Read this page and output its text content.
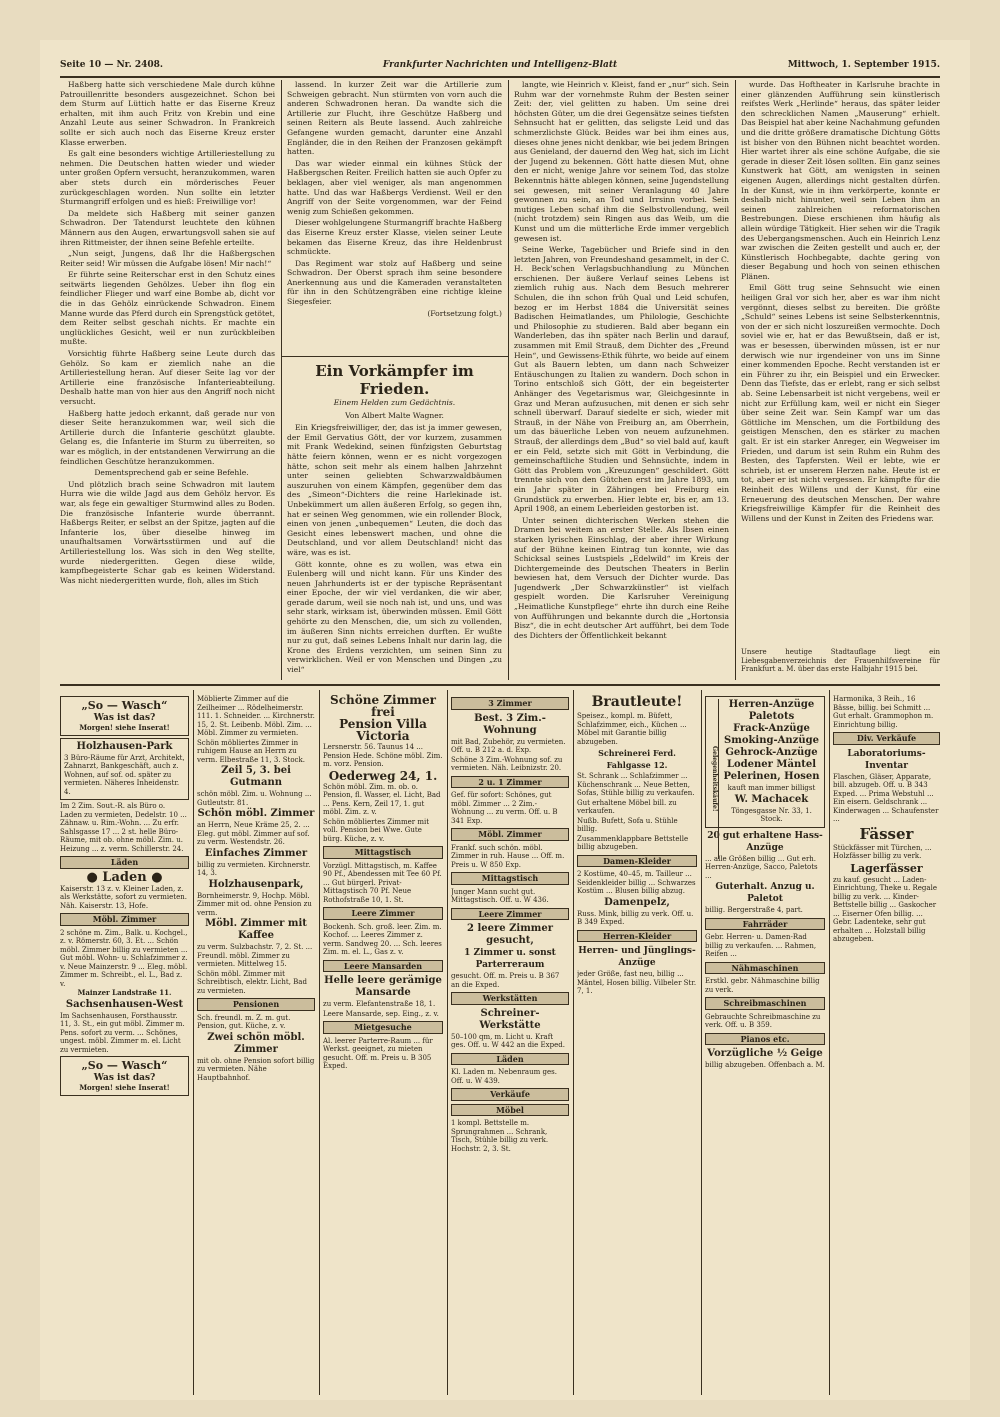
Seite 10 — Nr. 2408.	Frankfurter Nachrichten und Intelligenz-Blatt	Mittwoch, 1. September 1915.

Haßberg hatte sich verschiedene Male durch kühne Patrouillenritte besonders ausgezeichnet. Schon bei dem Sturm auf Lüttich hatte er das Eiserne Kreuz erhalten, mit ihm auch Fritz von Krebin und eine Anzahl Leute aus seiner Schwadron. In Frankreich sollte er sich auch noch das Eiserne Kreuz erster Klasse erwerben.

Es galt eine besonders wichtige Artilleriestellung zu nehmen. Die Deutschen hatten wieder und wieder unter großen Opfern versucht, heranzukommen, waren aber stets durch ein mörderisches Feuer zurückgeschlagen worden. Nun sollte ein letzter Sturmangriff erfolgen und es hieß: Freiwillige vor!

Da meldete sich Haßberg mit seiner ganzen Schwadron. Der Tatendurst leuchtete den kühnen Männern aus den Augen, erwartungsvoll sahen sie auf ihren Rittmeister, der ihnen seine Befehle erteilte.

„Nun seigt, Jungens, daß Ihr die Haßbergschen Reiter seid! Wir müssen die Aufgabe lösen! Mir nach!“

Er führte seine Reiterschar erst in den Schutz eines seitwärts liegenden Gehölzes. Ueber ihn flog ein feindlicher Flieger und warf eine Bombe ab, dicht vor die in das Gehölz einrückende Schwadron. Einem Manne wurde das Pferd durch ein Sprengstück getötet, dem Reiter selbst geschah nichts. Er machte ein unglückliches Gesicht, weil er nun zurückbleiben mußte.

Vorsichtig führte Haßberg seine Leute durch das Gehölz. So kam er ziemlich nahe an die Artilleriestellung heran. Auf dieser Seite lag vor der Artillerie eine französische Infanterieabteilung. Deshalb hatte man von hier aus den Angriff noch nicht versucht.

Haßberg hatte jedoch erkannt, daß gerade nur von dieser Seite heranzukommen war, weil sich die Artillerie durch die Infanterie geschützt glaubte. Gelang es, die Infanterie im Sturm zu überreiten, so war es möglich, in der entstandenen Verwirrung an die feindlichen Geschütze heranzukommen.

Dementsprechend gab er seine Befehle.

Und plötzlich brach seine Schwadron mit lautem Hurra wie die wilde Jagd aus dem Gehölz hervor. Es war, als fege ein gewaltiger Sturmwind alles zu Boden. Die französische Infanterie wurde überrannt. Haßbergs Reiter, er selbst an der Spitze, jagten auf die Infanterie los, über dieselbe hinweg im unaufhaltsamen Vorwärtsstürmen und auf die Artilleriestellung los. Was sich in den Weg stellte, wurde niedergeritten. Gegen diese wilde, kampfbegeisterte Schar gab es keinen Widerstand. Was nicht niedergeritten wurde, floh, alles im Stich

lassend. In kurzer Zeit war die Artillerie zum Schweigen gebracht. Nun stürmten von vorn auch die anderen Schwadronen heran. Da wandte sich die Artillerie zur Flucht, ihre Geschütze Haßberg und seinen Reitern als Beute lassend. Auch zahlreiche Gefangene wurden gemacht, darunter eine Anzahl Engländer, die in den Reihen der Franzosen gekämpft hatten.

Das war wieder einmal ein kühnes Stück der Haßbergschen Reiter. Freilich hatten sie auch Opfer zu beklagen, aber viel weniger, als man angenommen hatte. Und das war Haßbergs Verdienst. Weil er den Angriff von der Seite vorgenommen, war der Feind wenig zum Schießen gekommen.

Dieser wohlgelungene Sturmangriff brachte Haßberg das Eiserne Kreuz erster Klasse, vielen seiner Leute bekamen das Eiserne Kreuz, das ihre Heldenbrust schmückte.

Das Regiment war stolz auf Haßberg und seine Schwadron. Der Oberst sprach ihm seine besondere Anerkennung aus und die Kameraden veranstalteten für ihn in den Schützengräben eine richtige kleine Siegesfeier.

(Fortsetzung folgt.)
Ein Vorkämpfer im Frieden.
Einem Helden zum Gedächtnis.
Von Albert Malte Wagner.

Ein Kriegsfreiwilliger, der, das ist ja immer gewesen, der Emil Gervatius Gött, der vor kurzem, zusammen mit Frank Wedekind, seinen fünfzigsten Geburtstag hätte feiern können, wenn er es nicht vorgezogen hätte, schon seit mehr als einem halben Jahrzehnt unter seinen geliebten Schwarzwaldbäumen auszuruhen von einem Kämpfen, gegenüber dem das des „Simeon“-Dichters die reine Harlekinade ist. Unbekümmert um allen äußeren Erfolg, so gegen ihn, hat er seinen Weg genommen, wie ein rollender Block, einen von jenen „unbequemen“ Leuten, die doch das Gesicht eines lebenswert machen, und ohne die Deutschland, und vor allem Deutschland! nicht das wäre, was es ist.

Gött konnte, ohne es zu wollen, was etwa ein Eulenberg will und nicht kann. Für uns Kinder des neuen Jahrhunderts ist er der typische Repräsentant einer Epoche, der wir viel verdanken, die wir aber, gerade darum, weil sie noch nah ist, und uns, und was sehr stark, wirksam ist, überwinden müssen. Emil Gött gehörte zu den Menschen, die, um sich zu vollenden, im äußeren Sinn nichts erreichen durften. Er wußte nur zu gut, daß seines Lebens Inhalt nur darin lag, die Krone des Erdens verzichten, um seinen Sinn zu verwirklichen. Weil er von Menschen und Dingen „zu viel“

langte, wie Heinrich v. Kleist, fand er „nur“ sich. Sein Ruhm war der vornehmste Ruhm der Besten seiner Zeit: der, viel gelitten zu haben. Um seine drei höchsten Güter, um die drei Gegensätze seines tiefsten Sehnsucht hat er gelitten, das seligste Leid und das schmerzlichste Glück. Beides war bei ihm eines aus, dieses ohne jenes nicht denkbar, wie bei jedem Bringen aus Genieland, der dauernd den Weg hat, sich im Licht der Jugend zu bekennen. Gött hatte diesen Mut, ohne den er nicht, wenige Jahre vor seinem Tod, das stolze Bekenntnis hätte ablegen können, seine Jugendstellung sei gewesen, mit seiner Veranlagung 40 Jahre gewonnen zu sein, an Tod und Irrsinn vorbei. Sein mutiges Leben schaf ihm die Selbstvollendung, weil (nicht trotzdem) sein Ringen aus das Weib, um die Kunst und um die mütterliche Erde immer vergeblich gewesen ist.

Seine Werke, Tagebücher und Briefe sind in den letzten Jahren, von Freundeshand gesammelt, in der C. H. Beck'schen Verlagsbuchhandlung zu München erschienen. Der äußere Verlauf seines Lebens ist ziemlich ruhig aus. Nach dem Besuch mehrerer Schulen, die ihn schon früh Qual und Leid schufen, bezog er im Herbst 1884 die Universität seines Badischen Heimatlandes, um Philologie, Geschichte und Philosophie zu studieren. Bald aber begann ein Wanderleben, das ihn später nach Berlin und darauf, zusammen mit Emil Strauß, dem Dichter des „Freund Hein“, und Gewissens-Ethik führte, wo beide auf einem Gut als Bauern lebten, um dann nach Schweizer Entäuschungen zu Italien zu wandern. Doch schon in Torino entschloß sich Gött, der ein begeisterter Anhänger des Vegetarismus war, Gleichgesinnte in Graz und Meran aufzusuchen, mit denen er sich sehr schnell überwarf. Darauf siedelte er sich, wieder mit Strauß, in der Nähe von Freiburg an, am Oberrhein, um das bäuerliche Leben von neuem aufzunehmen. Strauß, der allerdings dem „Bud“ so viel bald auf, kauft er ein Feld, setzte sich mit Gött in Verbindung, die gemeinschaftliche Studien und Sehnsüchte, indem in Gött das Problem von „Kreuzungen“ geschildert. Gött trennte sich von den Gütchen erst im Jahre 1893, um ein Jahr später in Zähringen bei Freiburg ein Grundstück zu erwerben. Hier lebte er, bis er, am 13. April 1908, an einem Leberleiden gestorben ist.

Unter seinen dichterischen Werken stehen die Dramen bei weitem an erster Stelle. Als Ibsen einen starken lyrischen Einschlag, der aber ihrer Wirkung auf der Bühne keinen Eintrag tun konnte, wie das Schicksal seines Lustspiels „Edelwild“ im Kreis der Dichtergemeinde des Deutschen Theaters in Berlin bewiesen hat, dem Versuch der Dichter wurde. Das Jugendwerk „Der Schwarzkünstler“ ist vielfach gespielt worden. Die Karlsruher Vereinigung „Heimatliche Kunstpflege“ ehrte ihn durch eine Reihe von Aufführungen und bekannte durch die „Hortonsia Bisz“, die in echt deutscher Art aufführt, bei dem Tode des Dichters der Öffentlichkeit bekannt

wurde. Das Hoftheater in Karlsruhe brachte in einer glänzenden Aufführung sein künstlerisch reifstes Werk „Herlinde“ heraus, das später leider den schrecklichen Namen „Mauserung“ erhielt. Das Beispiel hat aber keine Nachahmung gefunden und die dritte größere dramatische Dichtung Götts ist bisher von den Bühnen nicht beachtet worden. Hier wartet ihrer als eine schöne Aufgabe, die sie gerade in dieser Zeit lösen sollten. Ein ganz seines Kunstwerk hat Gött, am wenigsten in seinen eigenen Augen, allerdings nicht gestalten dürfen. In der Kunst, wie in ihm verkörperte, konnte er deshalb nicht hinunter, weil sein Leben ihm an seinen zahlreichen reformatorischen Bestrebungen. Diese erschienen ihm häufig als allein würdige Tätigkeit. Hier sehen wir die Tragik des Uebergangsmenschen. Auch ein Heinrich Lenz war zwischen die Zeiten gestellt und auch er, der Künstlerisch Hochbegabte, dachte gering von dieser Begabung und hoch von seinen ethischen Plänen.

Emil Gött trug seine Sehnsucht wie einen heiligen Gral vor sich her, aber es war ihm nicht vergönnt, dieses selbst zu bereiten. Die größte „Schuld“ seines Lebens ist seine Selbsterkenntnis, von der er sich nicht loszureißen vermochte. Doch soviel wie er, hat er das Bewußtsein, daß er ist, was er besessen, überwinden müssen, ist er nur derwisch wie nur irgendeiner von uns im Sinne einer kommenden Epoche. Recht verstanden ist er ein Führer zu ihr, ein Beispiel und ein Erwecker. Denn das Tiefste, das er erlebt, rang er sich selbst ab. Seine Lebensarbeit ist nicht vergebens, weil er nicht zur Erfüllung kam, weil er nicht ein Sieger über seine Zeit war. Sein Kampf war um das Göttliche im Menschen, um die Fortbildung des geistigen Menschen, den es stärker zu machen galt. Er ist ein starker Anreger, ein Wegweiser im Frieden, und darum ist sein Ruhm ein Ruhm des Besten, des Tapfersten. Weil er lebte, wie er schrieb, ist er unserem Herzen nahe. Heute ist er tot, aber er ist nicht vergessen. Er kämpfte für die Reinheit des Willens und der Kunst, für eine Erneuerung des deutschen Menschen. Der wahre Kriegsfreiwillige Kämpfer für die Reinheit des Willens und der Kunst in Zeiten des Friedens war.

Unsere heutige Stadtauflage liegt ein Liebesgabenverzeichnis der Frauenhilfsvereine für Frankfurt a. M. über das erste Halbjahr 1915 bei.

„So — Wasch“
Was ist das?
Morgen! siehe Inserat!
Holzhausen-Park
3 Büro-Räume für Arzt, Architekt, Zahnarzt, Bankgeschäft, auch z. Wohnen, auf sof. od. später zu vermieten. Näheres Inheidenstr. 4.
Im 2 Zim. Sout.-R. als Büro o. Laden zu vermieten, Dedelstr. 10 ... Zähnaw. u. Rim.-Wohn. ... Zu erfr. Sahlsgasse 17 ... 2 st. helle Büro-Räume, mit ob. ohne möbl. Zim. u. Heizung ... z. verm. Schillerstr. 24.
Läden
● Laden ●
Kaiserstr. 13 z. v. Kleiner Laden, z. als Werkstätte, sofort zu vermieten. Näh. Kaiserstr. 13, Hofe.
Möbl. Zimmer
2 schöne m. Zim., Balk. u. Kochgel., z. v. Römerstr. 60, 3. Et. ... Schön möbl. Zimmer billig zu vermieten ... Gut möbl. Wohn- u. Schlafzimmer z. v. Neue Mainzerstr. 9 ... Eleg. möbl. Zimmer m. Schreibt., el. L., Bad z. v.
Mainzer Landstraße 11.
Sachsenhausen-West
Im Sachsenhausen, Forsthausstr. 11, 3. St., ein gut möbl. Zimmer m. Pens. sofort zu verm. ... Schönes, ungest. möbl. Zimmer m. el. Licht zu vermieten.
„So — Wasch“
Was ist das?
Morgen! siehe Inserat!
Möblierte Zimmer auf die Zeilheimer ... Rödelheimerstr. 111. 1. Schneider. ... Kirchnerstr. 15, 2. St. Leibenb. Möbl. Zim. ... Möbl. Zimmer zu vermieten.
Schön möbliertes Zimmer in ruhigem Hause an Herrn zu verm. Elbestraße 11, 3. Stock.
Zeil 5, 3. bei Gutmann
schön möbl. Zim. u. Wohnung ... Gutleutstr. 81.
Schön möbl. Zimmer
an Herrn, Neue Kräme 25, 2. ... Eleg. gut möbl. Zimmer auf sof. zu verm. Westendstr. 26.
Einfaches Zimmer
billig zu vermieten. Kirchnerstr. 14, 3.
Holzhausenpark,
Bornheimerstr. 9, Hochp. Möbl. Zimmer mit od. ohne Pension zu verm.
Möbl. Zimmer mit Kaffee
zu verm. Sulzbachstr. 7, 2. St. ... Freundl. möbl. Zimmer zu vermieten. Mittelweg 15.
Schön möbl. Zimmer mit Schreibtisch, elektr. Licht, Bad zu vermieten.
Pensionen
Sch. freundl. m. Z. m. gut. Pension, gut. Küche, z. v.
Zwei schön möbl. Zimmer
mit ob. ohne Pension sofort billig zu vermieten. Nähe Hauptbahnhof.
Schöne Zimmer frei
Pension Villa Victoria
Lersnerstr. 56. Taunus 14 ... Pension Hede. Schöne möbl. Zim. m. vorz. Pension.
Oederweg 24, 1.
Schön möbl. Zim. m. ob. o. Pension, fl. Wasser, el. Licht, Bad ... Pens. Kern, Zeil 17, 1. gut möbl. Zim. z. v.
Schön möbliertes Zimmer mit voll. Pension bei Wwe. Gute bürg. Küche, z. v.
Mittagstisch
Vorzügl. Mittagstisch, m. Kaffee 90 Pf., Abendessen mit Tee 60 Pf. ... Gut bürgerl. Privat-Mittagstisch 70 Pf. Neue Rothofstraße 10, 1. St.
Leere Zimmer
Bockenh. Sch. groß. leer. Zim. m. Kochof. ... Leeres Zimmer z. verm. Sandweg 20. ... Sch. leeres Zim. m. el. L., Gas z. v.
Leere Mansarden
Helle leere gerämige Mansarde
zu verm. Elefantenstraße 18, 1.
Leere Mansarde, sep. Eing., z. v.
Mietgesuche
Al. leerer Parterre-Raum ... für Werkst. geeignet, zu mieten gesucht. Off. m. Preis u. B 305 Exped.
3 Zimmer
Best. 3 Zim.-Wohnung
mit Bad, Zubehör, zu vermieten. Off. u. B 212 a. d. Exp.
Schöne 3 Zim.-Wohnung sof. zu vermieten. Näh. Leibnizstr. 20.
2 u. 1 Zimmer
Gef. für sofort: Schönes, gut möbl. Zimmer ... 2 Zim.-Wohnung ... zu verm. Off. u. B 341 Exp.
Möbl. Zimmer
Frankf. such schön. möbl. Zimmer in ruh. Hause ... Off. m. Preis u. W 850 Exp.
Mittagstisch
Junger Mann sucht gut. Mittagstisch. Off. u. W 436.
Leere Zimmer
2 leere Zimmer gesucht,
1 Zimmer u. sonst Parterreraum
gesucht. Off. m. Preis u. B 367 an die Exped.
Werkstätten
Schreiner-Werkstätte
50–100 qm, m. Licht u. Kraft ges. Off. u. W 442 an die Exped.
Läden
Kl. Laden m. Nebenraum ges. Off. u. W 439.
Verkäufe
Möbel
1 kompl. Bettstelle m. Sprungrahmen ... Schrank, Tisch, Stühle billig zu verk. Hochstr. 2, 3. St.
Brautleute!
Speisez., kompl. m. Büfett, Schlafzimmer, eich., Küchen ... Möbel mit Garantie billig abzugeben.
Schreinerei Ferd. Fahlgasse 12.
St. Schrank ... Schlafzimmer ... Küchenschrank ... Neue Betten, Sofas, Stühle billig zu verkaufen.
Gut erhaltene Möbel bill. zu verkaufen.
Nußb. Bufett, Sofa u. Stühle billig.
Zusammenklappbare Bettstelle billig abzugeben.
Damen-Kleider
2 Kostüme, 40–45, m. Tailleur ... Seidenkleider billig ... Schwarzes Kostüm ... Blusen billig abzug.
Damenpelz,
Russ. Mink, billig zu verk. Off. u. B 349 Exped.
Herren-Kleider
Herren- und Jünglings-Anzüge
jeder Größe, fast neu, billig ... Mäntel, Hosen billig. Vilbeler Str. 7, 1.
Gelegenheitskäufe!
Herren-Anzüge
Paletots
Frack-Anzüge
Smoking-Anzüge
Gehrock-Anzüge
Lodener Mäntel
Pelerinen, Hosen
kauft man immer billigst
W. Machacek
Töngesgasse Nr. 33, 1. Stock.
20 gut erhaltene Hass-Anzüge
... alle Größen billig ... Gut erh. Herren-Anzüge, Sacco, Paletots ...
Guterhalt. Anzug u. Paletot
billig. Bergerstraße 4, part.
Fahrräder
Gebr. Herren- u. Damen-Rad billig zu verkaufen. ... Rahmen, Reifen ...
Nähmaschinen
Erstkl. gebr. Nähmaschine billig zu verk.
Schreibmaschinen
Gebrauchte Schreibmaschine zu verk. Off. u. B 359.
Pianos etc.
Vorzügliche ½ Geige
billig abzugeben. Offenbach a. M.
Harmonika, 3 Reih., 16 Bässe, billig. bei Schmitt ... Gut erhalt. Grammophon m. Einrichtung billig.
Div. Verkäufe
Laboratoriums-Inventar
Flaschen, Gläser, Apparate, bill. abzugeb. Off. u. B 343 Exped. ... Prima Webstuhl ... Ein eisern. Geldschrank ... Kinderwagen ... Schaufenster ...
Fässer
Stückfässer mit Türchen, ... Holzfässer billig zu verk.
Lagerfässer
zu kauf. gesucht ... Laden-Einrichtung, Theke u. Regale billig zu verk. ... Kinder-Bettstelle billig ... Gaskocher ... Eiserner Ofen billig. ... Gebr. Ladenteke, sehr gut erhalten ... Holzstall billig abzugeben.
